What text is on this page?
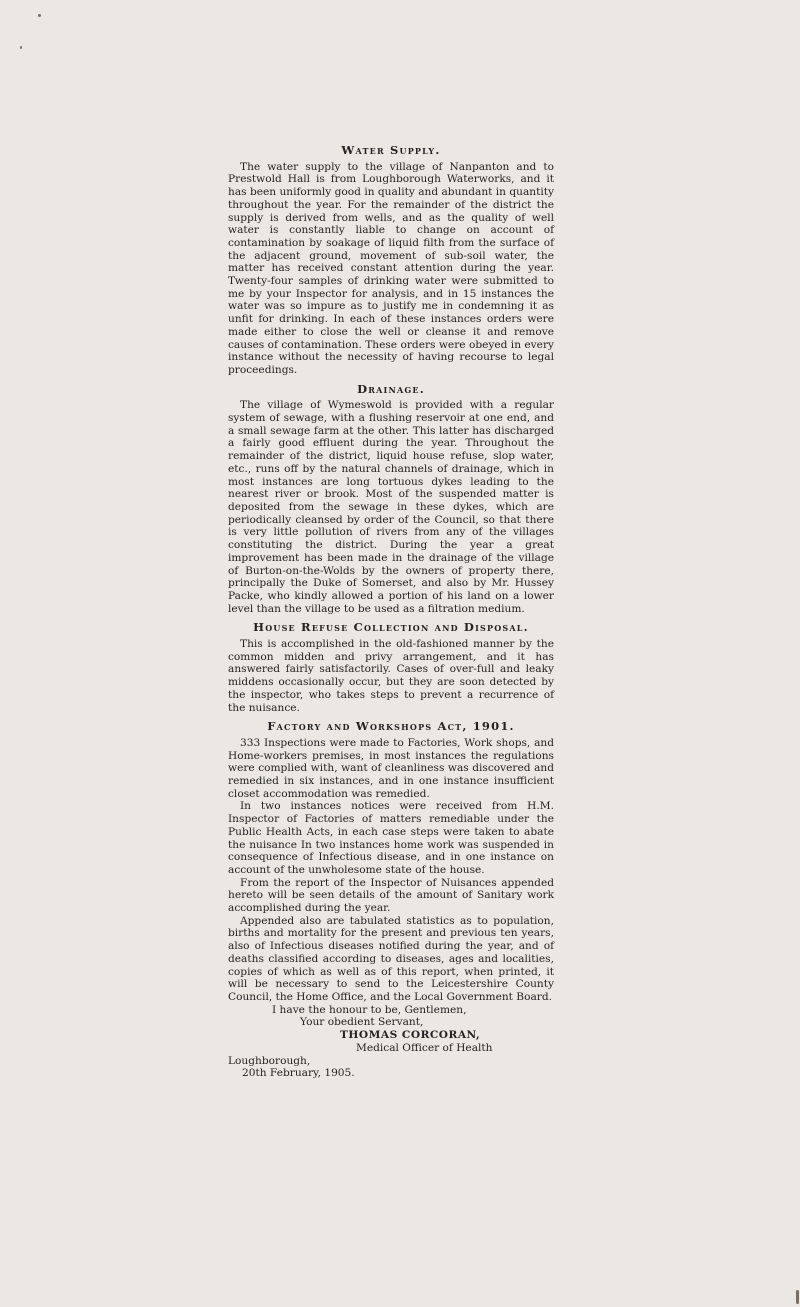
Water Supply.

The water supply to the village of Nanpanton and to Prestwold Hall is from Loughborough Waterworks, and it has been uniformly good in quality and abundant in quantity throughout the year. For the remainder of the district the supply is derived from wells, and as the quality of well water is constantly liable to change on account of contamination by soakage of liquid filth from the surface of the adjacent ground, movement of sub-soil water, the matter has received constant attention during the year. Twenty-four samples of drinking water were submitted to me by your Inspector for analysis, and in 15 instances the water was so impure as to justify me in condemning it as unfit for drinking. In each of these instances orders were made either to close the well or cleanse it and remove causes of contamination. These orders were obeyed in every instance without the necessity of having recourse to legal proceedings.

Drainage.

The village of Wymeswold is provided with a regular system of sewage, with a flushing reservoir at one end, and a small sewage farm at the other. This latter has discharged a fairly good effluent during the year. Throughout the remainder of the district, liquid house refuse, slop water, etc., runs off by the natural channels of drainage, which in most instances are long tortuous dykes leading to the nearest river or brook. Most of the suspended matter is deposited from the sewage in these dykes, which are periodically cleansed by order of the Council, so that there is very little pollution of rivers from any of the villages constituting the district. During the year a great improvement has been made in the drainage of the village of Burton-on-the-Wolds by the owners of property there, principally the Duke of Somerset, and also by Mr. Hussey Packe, who kindly allowed a portion of his land on a lower level than the village to be used as a filtration medium.

House Refuse Collection and Disposal.

This is accomplished in the old-fashioned manner by the common midden and privy arrangement, and it has answered fairly satisfactorily. Cases of over-full and leaky middens occasionally occur, but they are soon detected by the inspector, who takes steps to prevent a recurrence of the nuisance.

Factory and Workshops Act, 1901.

333 Inspections were made to Factories, Work shops, and Home-workers premises, in most instances the regulations were complied with, want of cleanliness was discovered and remedied in six instances, and in one instance insufficient closet accommodation was remedied.

In two instances notices were received from H.M. Inspector of Factories of matters remediable under the Public Health Acts, in each case steps were taken to abate the nuisance In two instances home work was suspended in consequence of Infectious disease, and in one instance on account of the unwholesome state of the house.

From the report of the Inspector of Nuisances appended hereto will be seen details of the amount of Sanitary work accomplished during the year.

Appended also are tabulated statistics as to population, births and mortality for the present and previous ten years, also of Infectious diseases notified during the year, and of deaths classified according to diseases, ages and localities, copies of which as well as of this report, when printed, it will be necessary to send to the Leicestershire County Council, the Home Office, and the Local Government Board.

I have the honour to be, Gentlemen,

Your obedient Servant,

THOMAS CORCORAN,

Medical Officer of Health

Loughborough,

20th February, 1905.
